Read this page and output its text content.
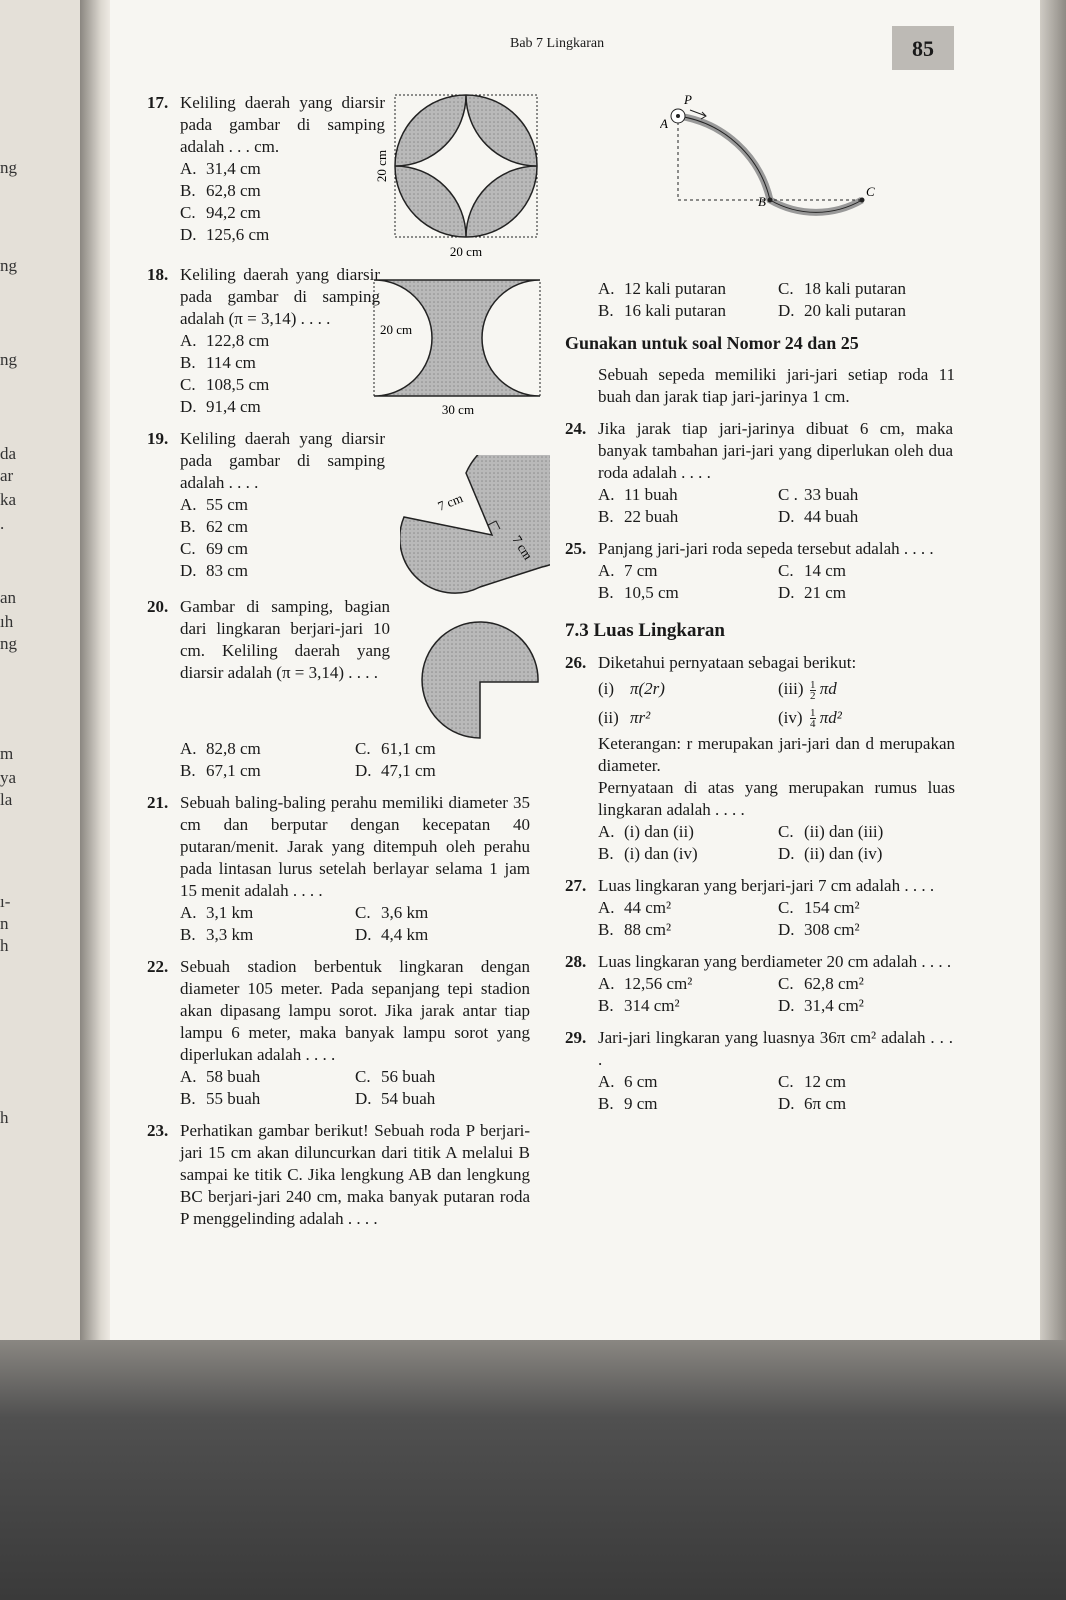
ng
ng
ng
da
ar
ka
.
an
ıh
ng
m
ya
la
ı-
n
h
h
Bab 7 Lingkaran	85
17. Keliling daerah yang diarsir pada gambar di samping adalah . . . cm.
A. 31,4 cm
B. 62,8 cm
C. 94,2 cm
D. 125,6 cm
18. Keliling daerah yang diarsir pada gambar di samping adalah (π = 3,14) . . . .
A. 122,8 cm
B. 114 cm
C. 108,5 cm
D. 91,4 cm
19. Keliling daerah yang diarsir pada gambar di samping adalah . . . .
A. 55 cm
B. 62 cm
C. 69 cm
D. 83 cm
20. Gambar di samping, bagian dari lingkaran berjari-jari 10 cm. Keliling daerah yang diarsir adalah (π = 3,14) . . . .
A. 82,8 cm	C. 61,1 cm
B. 67,1 cm	D. 47,1 cm
21. Sebuah baling-baling perahu memiliki diameter 35 cm dan berputar dengan kecepatan 40 putaran/menit. Jarak yang ditempuh oleh perahu pada lintasan lurus setelah berlayar selama 1 jam 15 menit adalah . . . .
A. 3,1 km	C. 3,6 km
B. 3,3 km	D. 4,4 km
22. Sebuah stadion berbentuk lingkaran dengan diameter 105 meter. Pada sepanjang tepi stadion akan dipasang lampu sorot. Jika jarak antar tiap lampu 6 meter, maka banyak lampu sorot yang diperlukan adalah . . . .
A. 58 buah	C. 56 buah
B. 55 buah	D. 54 buah
23. Perhatikan gambar berikut! Sebuah roda P berjari-jari 15 cm akan diluncurkan dari titik A melalui B sampai ke titik C. Jika lengkung AB dan lengkung BC berjari-jari 240 cm, maka banyak putaran roda P menggelinding adalah . . . .
20 cm
20 cm
20 cm
30 cm
7 cm
7 cm
P
A
B
C
A. 12 kali putaran	C. 18 kali putaran
B. 16 kali putaran	D. 20 kali putaran
Gunakan untuk soal Nomor 24 dan 25
Sebuah sepeda memiliki jari-jari setiap roda 11 buah dan jarak tiap jari-jarinya 1 cm.
24. Jika jarak tiap jari-jarinya dibuat 6 cm, maka banyak tambahan jari-jari yang diperlukan oleh dua roda adalah . . . .
A. 11 buah	C . 33 buah
B. 22 buah	D. 44 buah
25. Panjang jari-jari roda sepeda tersebut adalah . . . .
A. 7 cm	C. 14 cm
B. 10,5 cm	D. 21 cm
7.3 Luas Lingkaran
26. Diketahui pernyataan sebagai berikut:
(i) π(2r)	$(iii) \frac{1}{2}$ πd
(ii) πr²	$(iv) \frac{1}{4} \pi d^2$
Keterangan: r merupakan jari-jari dan d merupakan diameter.
Pernyataan di atas yang merupakan rumus luas lingkaran adalah . . . .
A. (i) dan (ii)	C. (ii) dan (iii)
B. (i) dan (iv)	D. (ii) dan (iv)
27. Luas lingkaran yang berjari-jari 7 cm adalah . . . .
A. 44 cm²	C. 154 cm²
B. 88 cm²	D. 308 cm²
28. Luas lingkaran yang berdiameter 20 cm adalah . . . .
A. 12,56 cm²	C. 62,8 cm²
B. 314 cm²	D. 31,4 cm²
29. Jari-jari lingkaran yang luasnya 36π cm² adalah . . . .
A. 6 cm	C. 12 cm
B. 9 cm	D. 6π cm
